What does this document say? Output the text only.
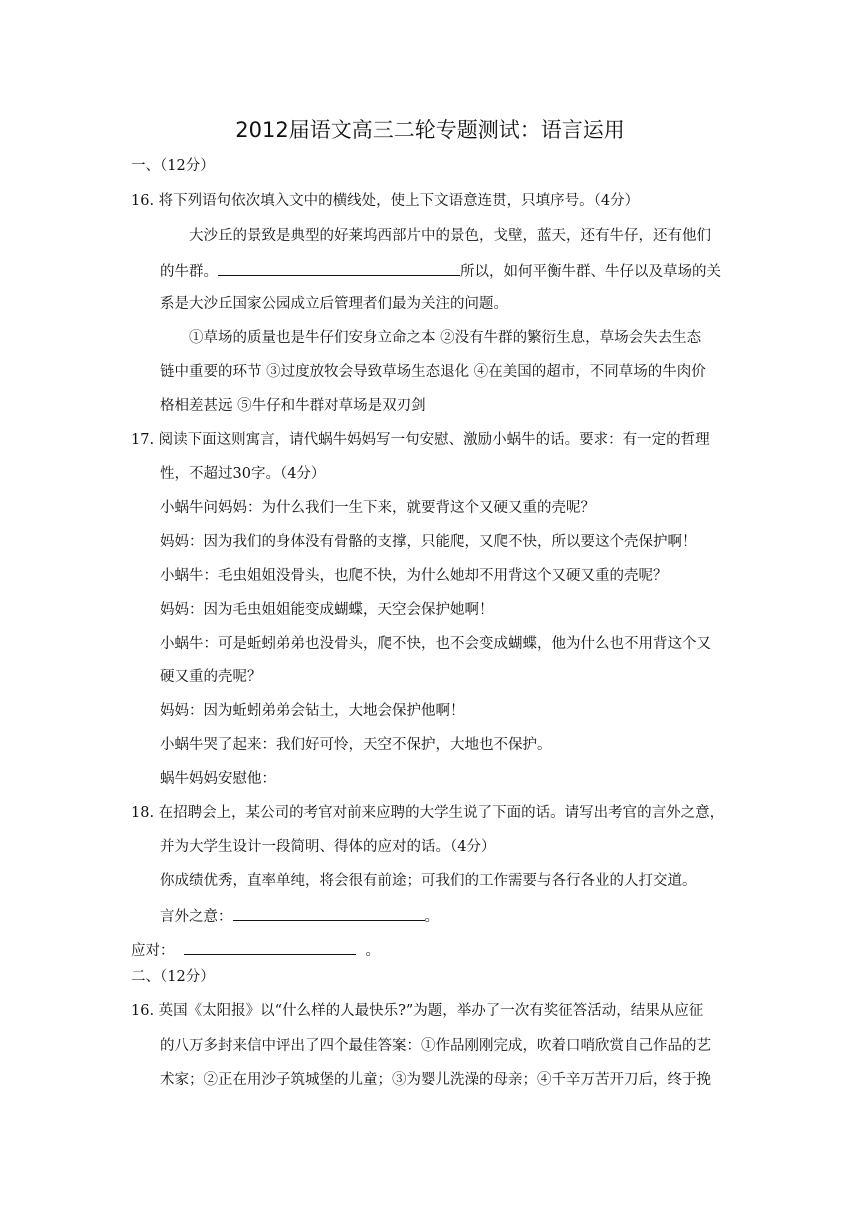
2012届语文高三二轮专题测试：语言运用
一、（12分）
16. 将下列语句依次填入文中的横线处，使上下文语意连贯，只填序号。（4分）
大沙丘的景致是典型的好莱坞西部片中的景色，戈壁，蓝天，还有牛仔，还有他们
的牛群。	所以，如何平衡牛群、牛仔以及草场的关
系是大沙丘国家公园成立后管理者们最为关注的问题。
①草场的质量也是牛仔们安身立命之本 ②没有牛群的繁衍生息，草场会失去生态
链中重要的环节 ③过度放牧会导致草场生态退化 ④在美国的超市，不同草场的牛肉价
格相差甚远 ⑤牛仔和牛群对草场是双刃剑
17. 阅读下面这则寓言，请代蜗牛妈妈写一句安慰、激励小蜗牛的话。要求：有一定的哲理
性，不超过30字。（4分）
小蜗牛问妈妈：为什么我们一生下来，就要背这个又硬又重的壳呢？
妈妈：因为我们的身体没有骨骼的支撑，只能爬，又爬不快，所以要这个壳保护啊！
小蜗牛：毛虫姐姐没骨头，也爬不快，为什么她却不用背这个又硬又重的壳呢？
妈妈：因为毛虫姐姐能变成蝴蝶，天空会保护她啊！
小蜗牛：可是蚯蚓弟弟也没骨头，爬不快，也不会变成蝴蝶，他为什么也不用背这个又
硬又重的壳呢？
妈妈：因为蚯蚓弟弟会钻土，大地会保护他啊！
小蜗牛哭了起来：我们好可怜，天空不保护，大地也不保护。
蜗牛妈妈安慰他：
18. 在招聘会上，某公司的考官对前来应聘的大学生说了下面的话。请写出考官的言外之意，
并为大学生设计一段简明、得体的应对的话。（4分）
你成绩优秀，直率单纯，将会很有前途；可我们的工作需要与各行各业的人打交道。
言外之意：	。
应对：	。
二、（12分）
16. 英国《太阳报》以“什么样的人最快乐?”为题，举办了一次有奖征答活动，结果从应征
的八万多封来信中评出了四个最佳答案：①作品刚刚完成，吹着口哨欣赏自己作品的艺
术家；②正在用沙子筑城堡的儿童；③为婴儿洗澡的母亲；④千辛万苦开刀后，终于挽
